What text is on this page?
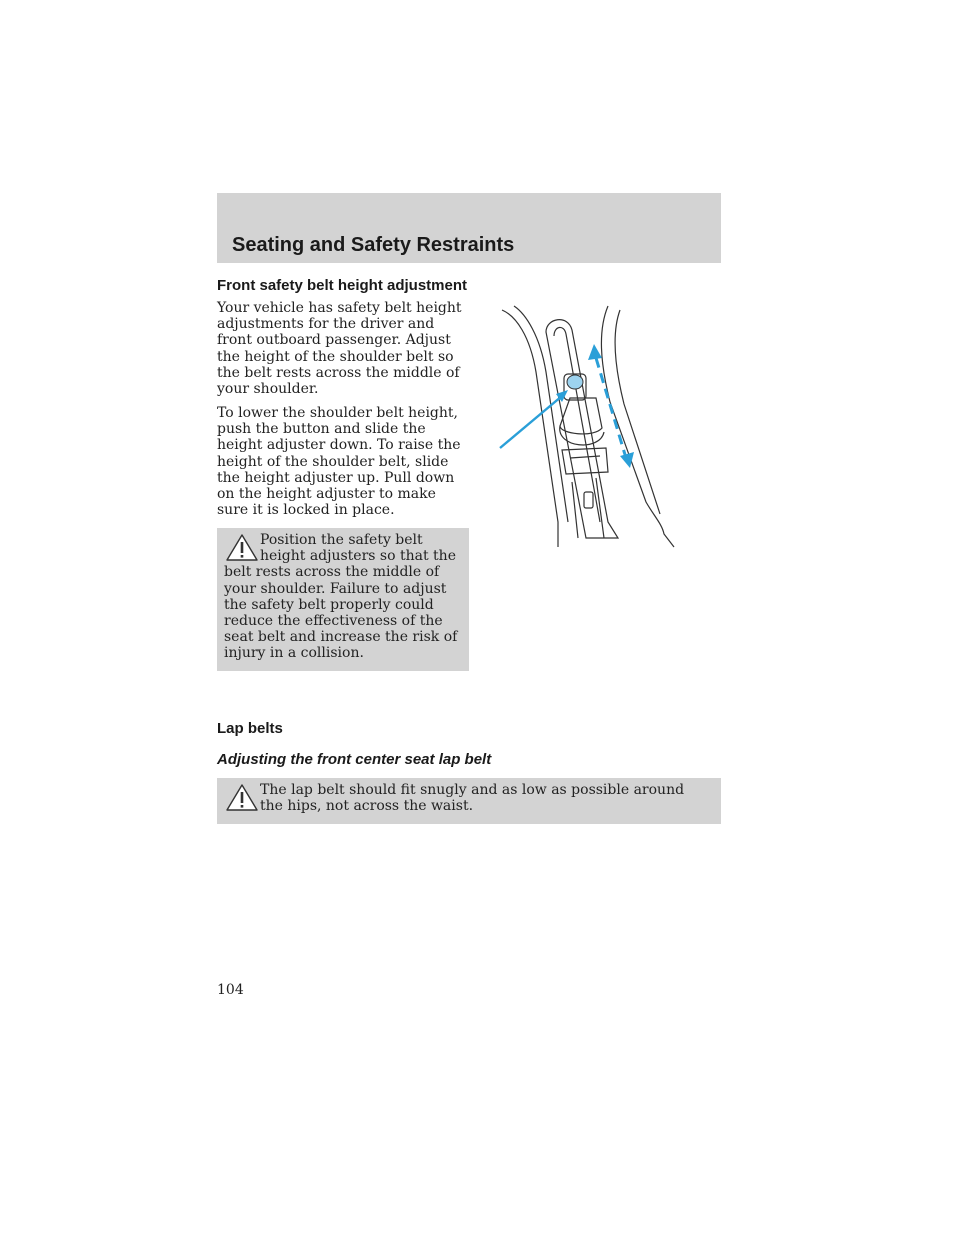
Seating and Safety Restraints
Front safety belt height adjustment

Your vehicle has safety belt height adjustments for the driver and front outboard passenger. Adjust the height of the shoulder belt so the belt rests across the middle of your shoulder.

To lower the shoulder belt height, push the button and slide the height adjuster down. To raise the height of the shoulder belt, slide the height adjuster up. Pull down on the height adjuster to make sure it is locked in place.

Position the safety belt height adjusters so that the belt rests across the middle of your shoulder. Failure to adjust the safety belt properly could reduce the effectiveness of the seat belt and increase the risk of injury in a collision.

Lap belts
Adjusting the front center seat lap belt

The lap belt should fit snugly and as low as possible around the hips, not across the waist.

104
